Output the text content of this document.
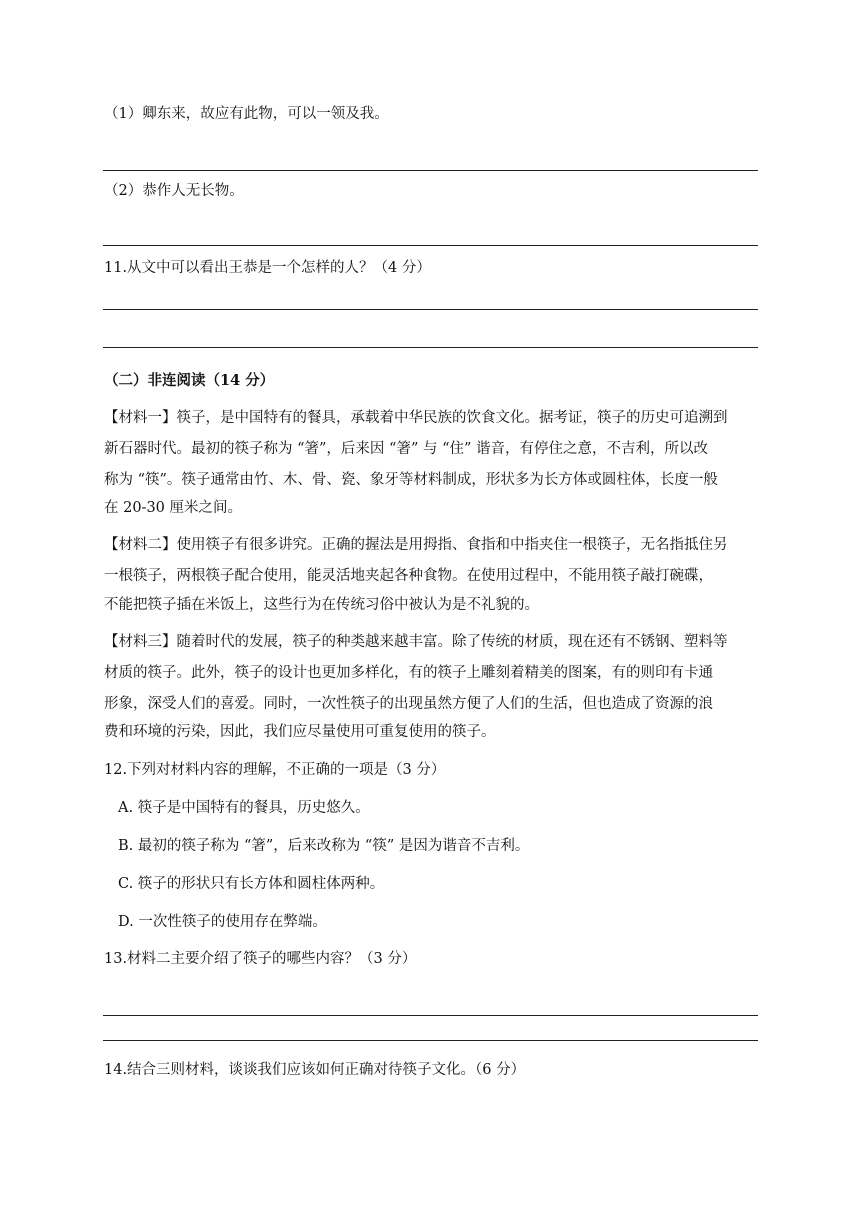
（1）卿东来，故应有此物，可以一领及我。
（2）恭作人无长物。
11.从文中可以看出王恭是一个怎样的人？（4 分）
（二）非连阅读（14 分）
【材料一】筷子，是中国特有的餐具，承载着中华民族的饮食文化。据考证，筷子的历史可追溯到
新石器时代。最初的筷子称为 “箸”，后来因 “箸” 与 “住” 谐音，有停住之意，不吉利，所以改
称为 “筷”。筷子通常由竹、木、骨、瓷、象牙等材料制成，形状多为长方体或圆柱体，长度一般
在 20-30 厘米之间。
【材料二】使用筷子有很多讲究。正确的握法是用拇指、食指和中指夹住一根筷子，无名指抵住另
一根筷子，两根筷子配合使用，能灵活地夹起各种食物。在使用过程中，不能用筷子敲打碗碟，
不能把筷子插在米饭上，这些行为在传统习俗中被认为是不礼貌的。
【材料三】随着时代的发展，筷子的种类越来越丰富。除了传统的材质，现在还有不锈钢、塑料等
材质的筷子。此外，筷子的设计也更加多样化，有的筷子上雕刻着精美的图案，有的则印有卡通
形象，深受人们的喜爱。同时，一次性筷子的出现虽然方便了人们的生活，但也造成了资源的浪
费和环境的污染，因此，我们应尽量使用可重复使用的筷子。
12.下列对材料内容的理解，不正确的一项是（3 分）
A. 筷子是中国特有的餐具，历史悠久。
B. 最初的筷子称为 “箸”，后来改称为 “筷” 是因为谐音不吉利。
C. 筷子的形状只有长方体和圆柱体两种。
D. 一次性筷子的使用存在弊端。
13.材料二主要介绍了筷子的哪些内容？（3 分）
14.结合三则材料，谈谈我们应该如何正确对待筷子文化。（6 分）
